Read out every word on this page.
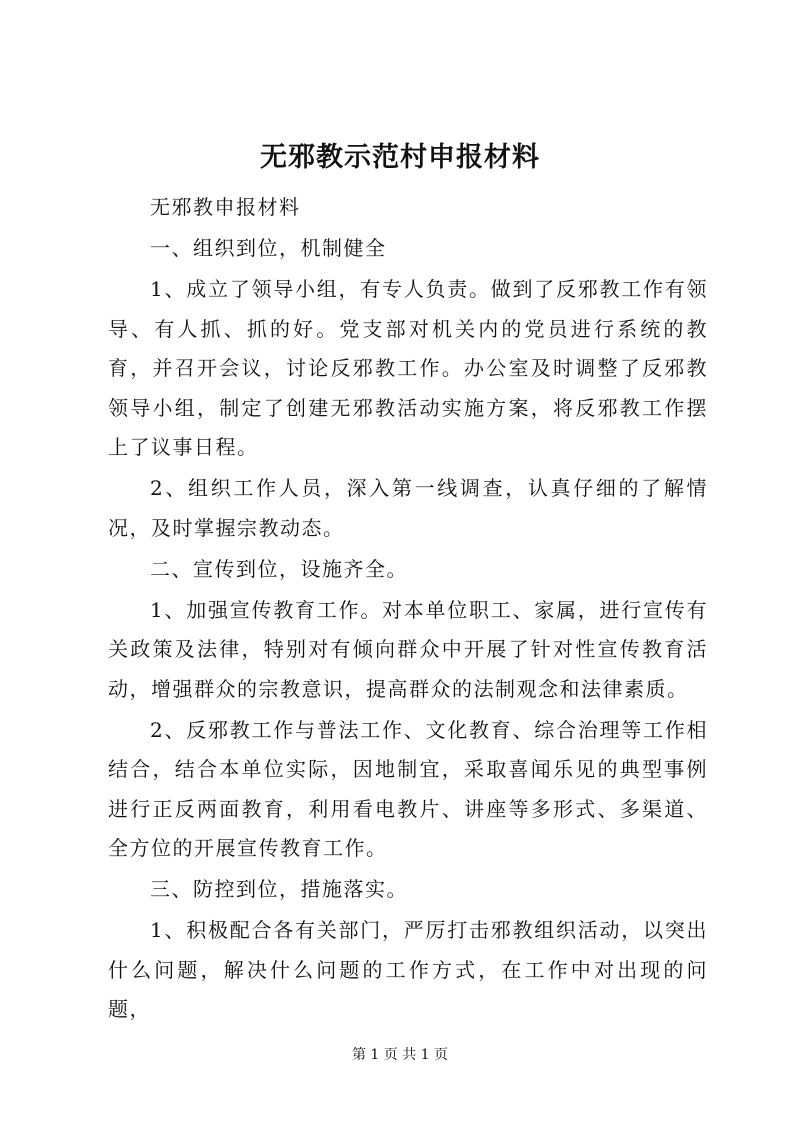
无邪教示范村申报材料

无邪教申报材料

一、组织到位，机制健全

1、成立了领导小组，有专人负责。做到了反邪教工作有领导、有人抓、抓的好。党支部对机关内的党员进行系统的教育，并召开会议，讨论反邪教工作。办公室及时调整了反邪教领导小组，制定了创建无邪教活动实施方案，将反邪教工作摆上了议事日程。

2、组织工作人员，深入第一线调查，认真仔细的了解情况，及时掌握宗教动态。

二、宣传到位，设施齐全。

1、加强宣传教育工作。对本单位职工、家属，进行宣传有关政策及法律，特别对有倾向群众中开展了针对性宣传教育活动，增强群众的宗教意识，提高群众的法制观念和法律素质。

2、反邪教工作与普法工作、文化教育、综合治理等工作相结合，结合本单位实际，因地制宜，采取喜闻乐见的典型事例进行正反两面教育，利用看电教片、讲座等多形式、多渠道、全方位的开展宣传教育工作。

三、防控到位，措施落实。

1、积极配合各有关部门，严厉打击邪教组织活动，以突出什么问题，解决什么问题的工作方式，在工作中对出现的问题，

第 1 页 共 1 页
